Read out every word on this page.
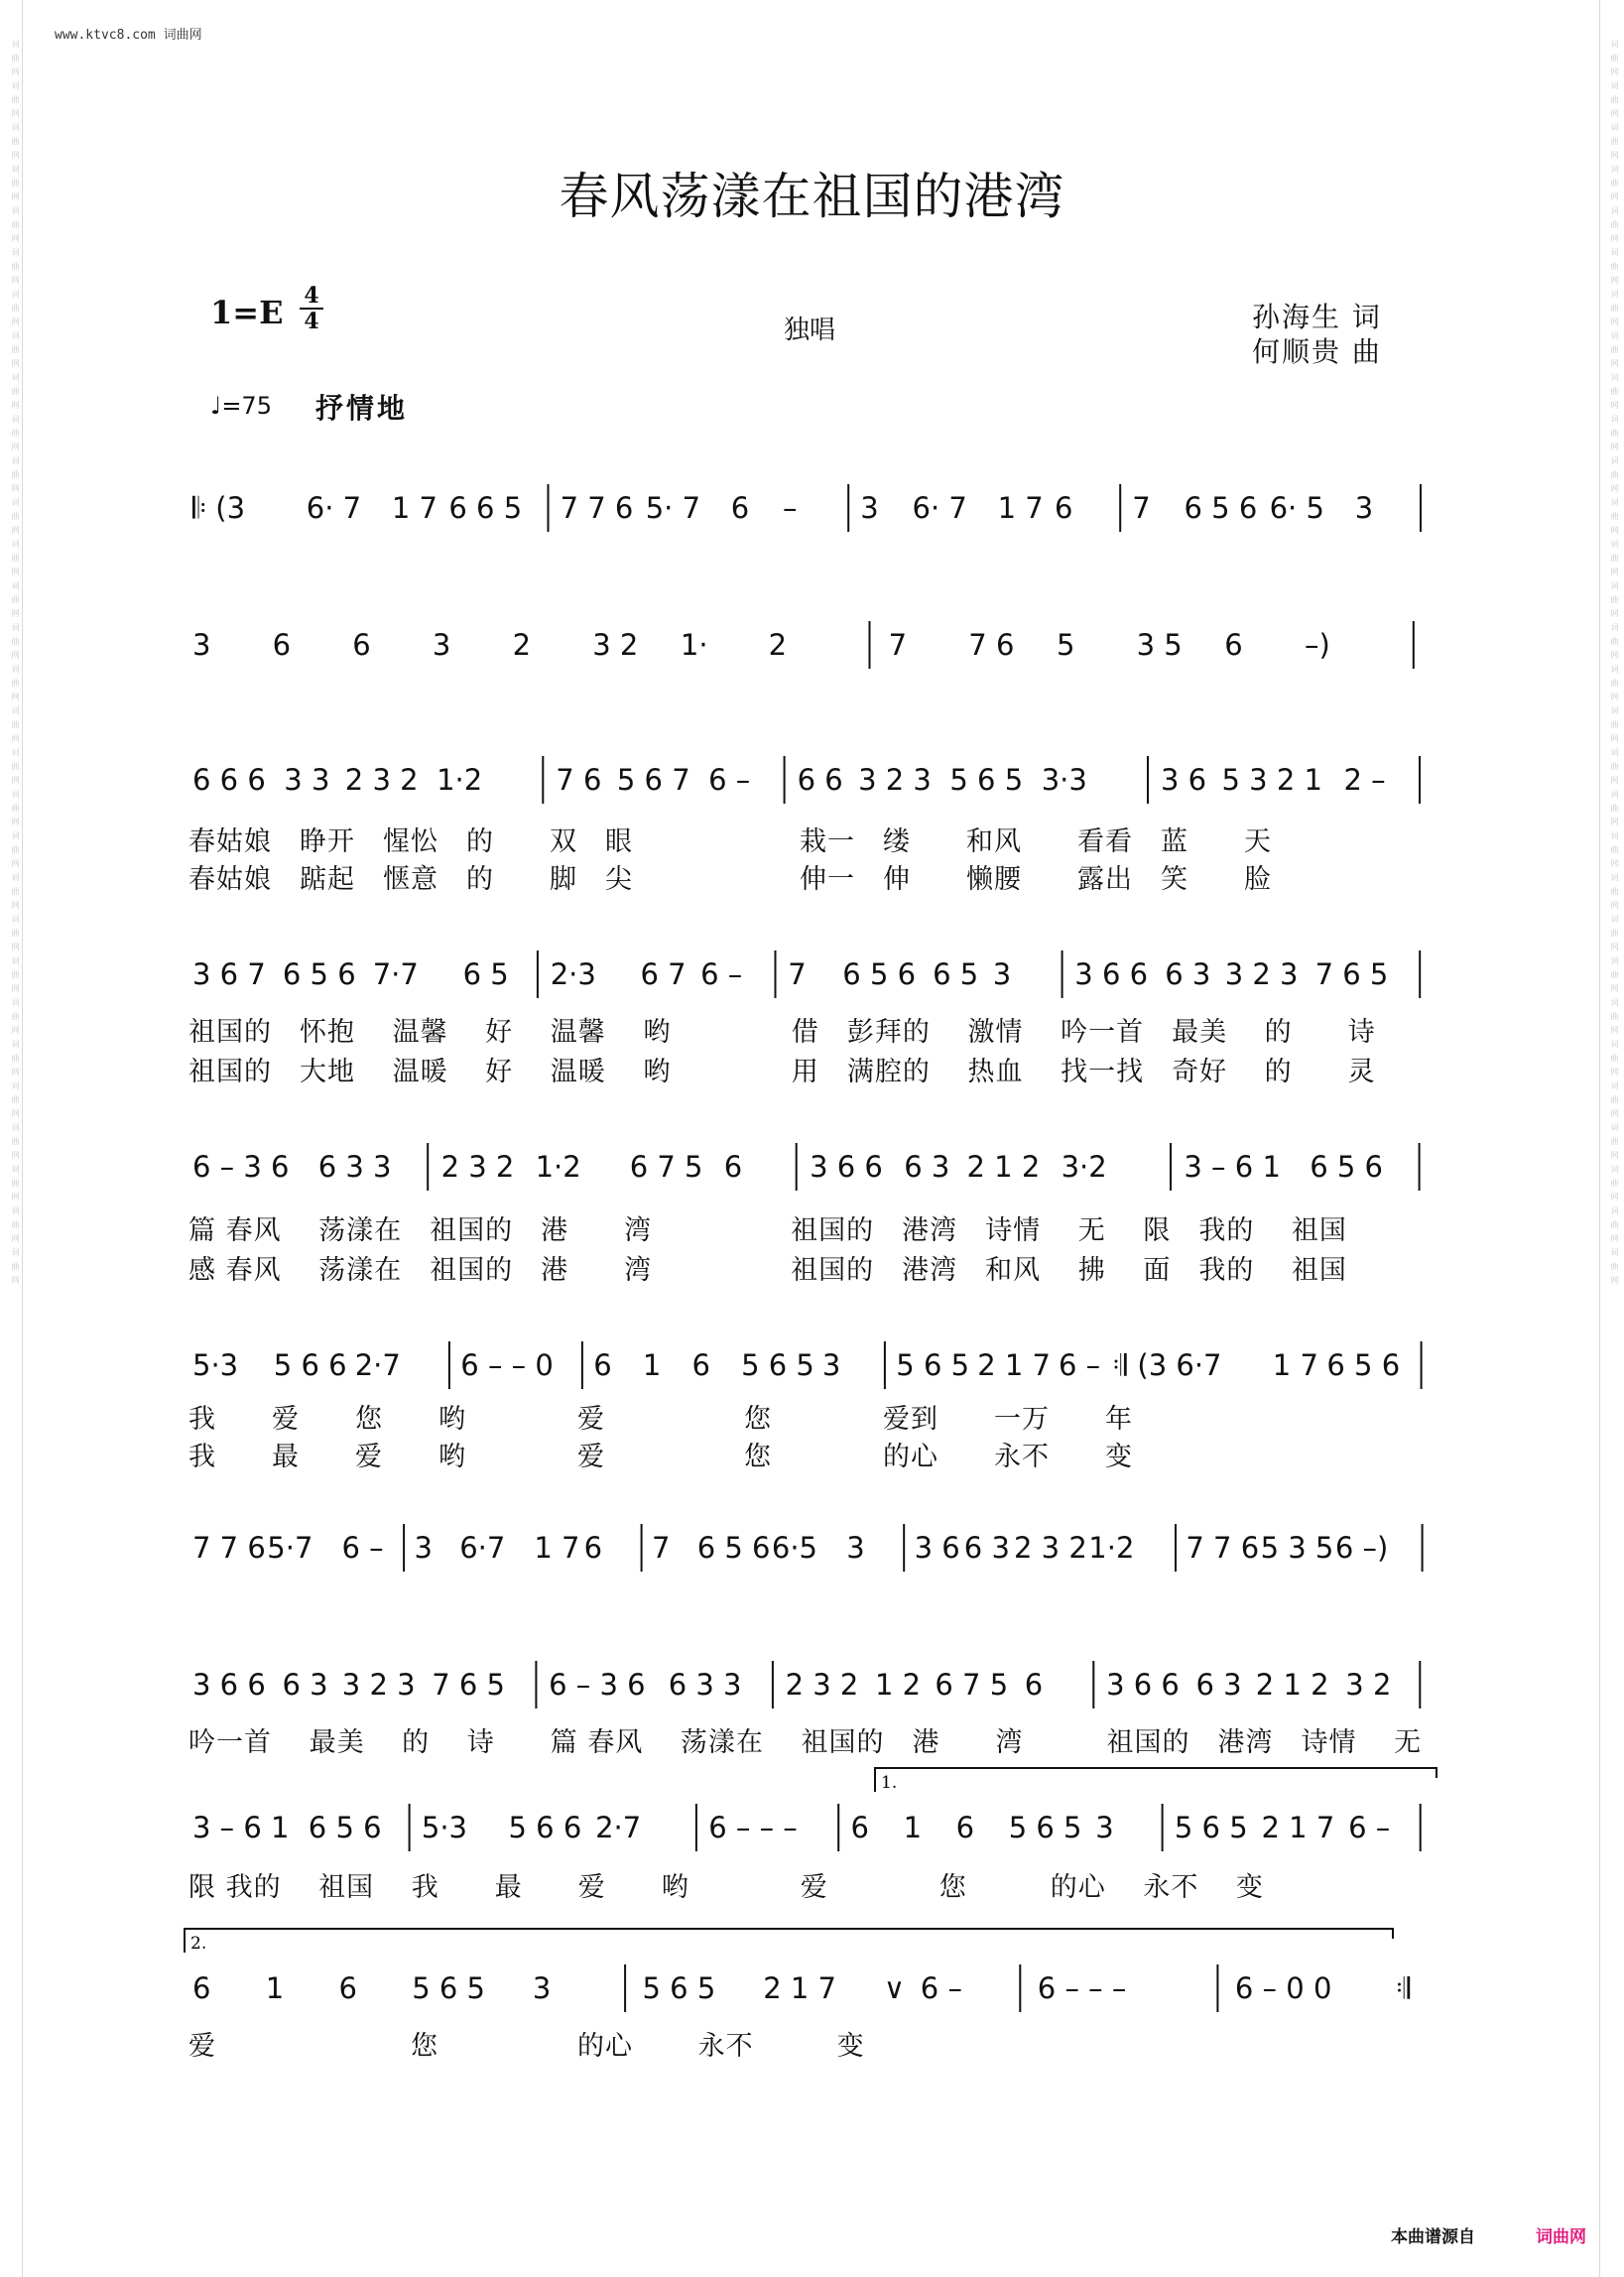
www.ktvc8.com 词曲网
词曲网词曲网词曲网词曲网词曲网词曲网词曲网词曲网词曲网词曲网词曲网词曲网词曲网词曲网词曲网词曲网词曲网词曲网词曲网词曲网词曲网词曲网词曲网词曲网词曲网词曲网词曲网词曲网词曲网词曲网	词曲网词曲网词曲网词曲网词曲网词曲网词曲网词曲网词曲网词曲网词曲网词曲网词曲网词曲网词曲网词曲网词曲网词曲网词曲网词曲网词曲网词曲网词曲网词曲网词曲网词曲网词曲网词曲网词曲网词曲网
春风荡漾在祖国的港湾
1=E 4
4	独唱	孙海生 词
何顺贵 曲
♩=75 抒情地
𝄆 (3 6· 7 1 7 6 6 5 7 7 6 5· 7 6 – 3 6· 7 1 7 6 7 6 5 6 6· 5 3
3 6 6 3 2 3 2 1· 2	7 7 6 5 3 5 6 –)
6 6 6 3 3 2 3 2 1·2	7 6 5 6 7 6 – 6 6 3 2 3 5 6 5 3·3	3 6 5 3 2 1 2 –
春姑娘　睁开　惺忪　的　　双　眼　　　　　　栽一　缕　　和风　　看看　蓝　　天
春姑娘　踮起　惬意　的　　脚　尖　　　　　　伸一　伸　　懒腰　　露出　笑　　脸
3 6 7 6 5 6 7·7 6 5 2·3 6 7 6 – 7 6 5 6 6 5 3 3 6 6 6 3 3 2 3 7 6 5
祖国的　怀抱　 温馨　 好　 温馨　 哟　　　　 借　彭拜的　 激情　 吟一首　最美　 的　　诗
祖国的　大地　 温暖　 好　 温暖　 哟　　　　 用　满腔的　 热血　 找一找　奇好　 的　　灵
6 – 3 6 6 3 3 2 3 2 1·2 6 7 5 6 3 6 6 6 3 2 1 2 3·2	3 – 6 1 6 5 6
篇 春风　 荡漾在　祖国的　港　　湾　　　　　祖国的　港湾　诗情　 无　 限　我的　 祖国
感 春风　 荡漾在　祖国的　港　　湾　　　　　祖国的　港湾　和风　 拂　 面　我的　 祖国
5·3 5 6 6 2·7 6 – – 0 6 1 6 5 6 5 3 5 6 5 2 1 7 6 – 𝄇 (3 6·7 1 7 6 5 6
我　　爱　　您　　哟　　　　爱　　　　　您　　　　爱到　　一万　　年
我　　最　　爱　　哟　　　　爱　　　　　您　　　　的心　　永不　　变
7 7 6 5·7 6 – 3 6·7 1 7 6 7 6 5 6 6·5 3 3 6 6 3 2 3 2 1·2 7 7 6 5 3 5 6 –)
3 6 6 6 3 3 2 3 7 6 5 6 – 3 6 6 3 3 2 3 2 1 2 6 7 5 6 3 6 6 6 3 2 1 2 3 2
吟一首　 最美　 的　 诗　　篇 春风　 荡漾在　 祖国的　港　　湾　　　祖国的　港湾　诗情　 无
3 – 6 1 6 5 6 5·3 5 6 6 2·7 6 – – – 6 1 6 5 6 5 3 5 6 5 2 1 7 6 –
限 我的　 祖国　 我　　最　　爱　　哟　　　　爱　　　　您　　　的心　 永不　 变
6 1 6 5 6 5 3	5 6 5 2 1 7 ∨ 6 –	6 – – –	6 – 0 0 𝄇
爱　　　　　　　您　　　　　的心　　 永不　　　变
1.
2.
本曲谱源自	词曲网
